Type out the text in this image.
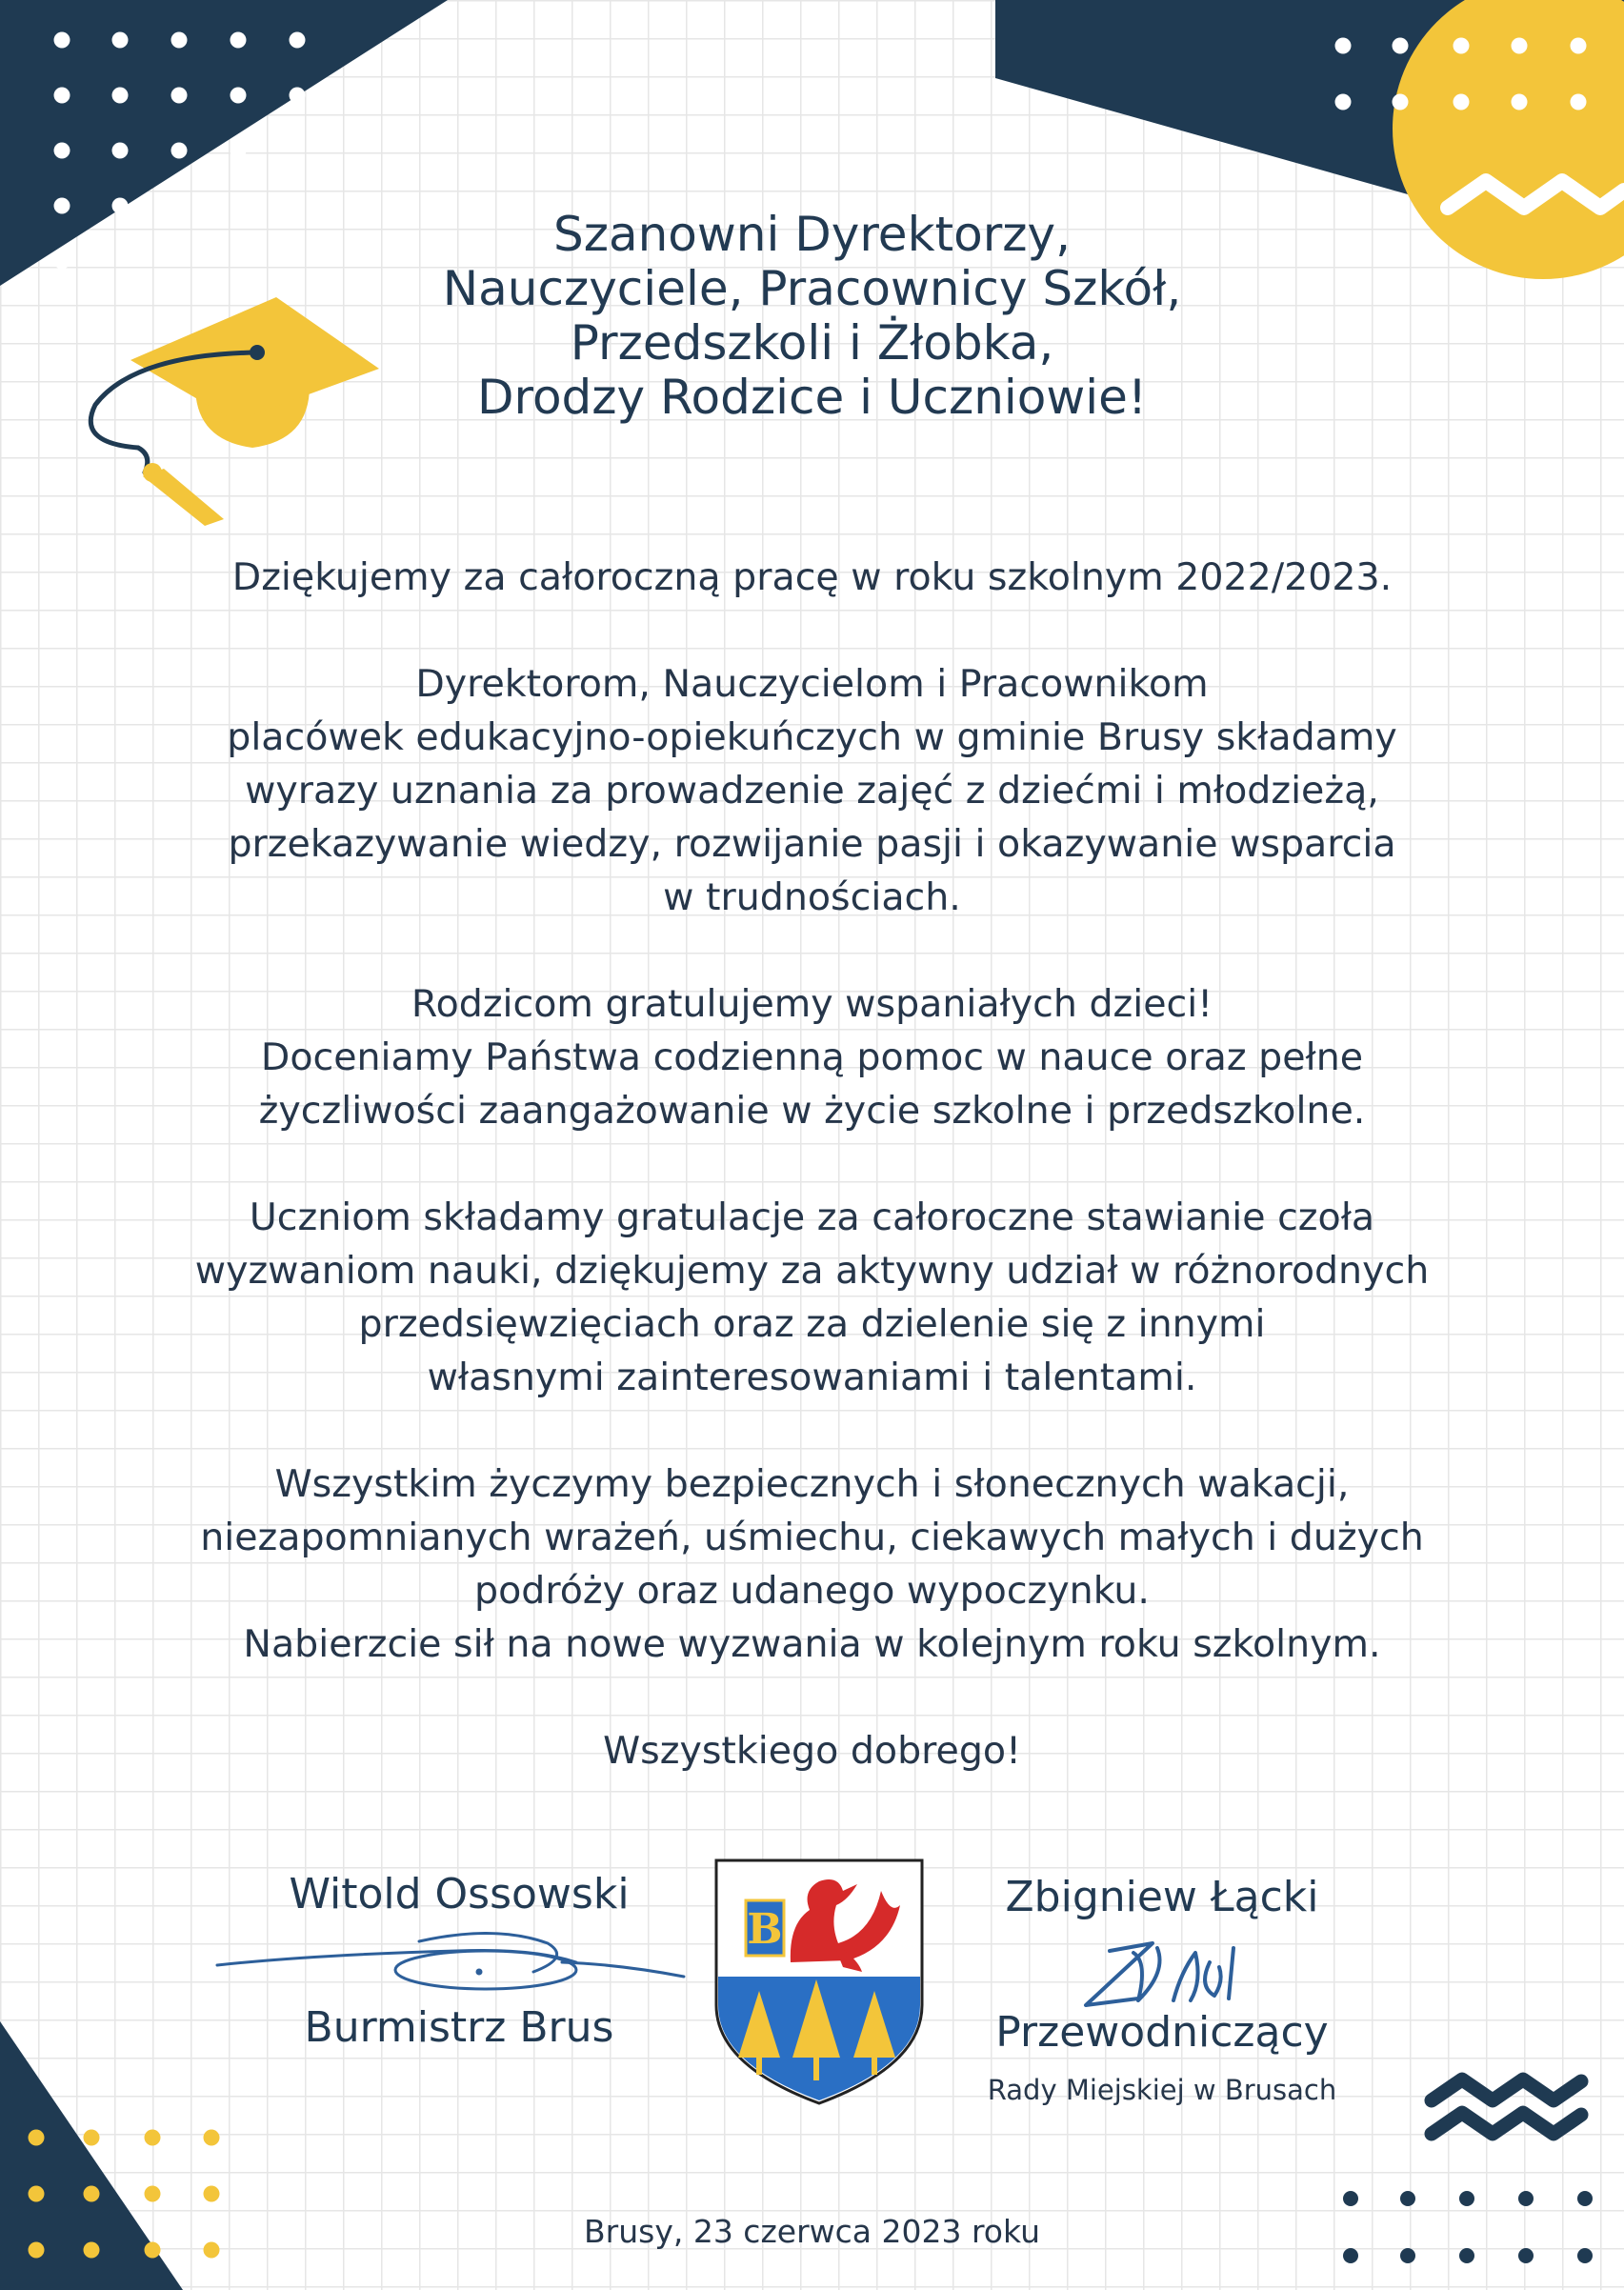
B
Szanowni Dyrektorzy,
Nauczyciele, Pracownicy Szkół,
Przedszkoli i Żłobka,
Drodzy Rodzice i Uczniowie!
Dziękujemy za całoroczną pracę w roku szkolnym 2022/2023.
Dyrektorom, Nauczycielom i Pracownikom
placówek edukacyjno-opiekuńczych w gminie Brusy składamy
wyrazy uznania za prowadzenie zajęć z dziećmi i młodzieżą,
przekazywanie wiedzy, rozwijanie pasji i okazywanie wsparcia
w trudnościach.
Rodzicom gratulujemy wspaniałych dzieci!
Doceniamy Państwa codzienną pomoc w nauce oraz pełne
życzliwości zaangażowanie w życie szkolne i przedszkolne.
Uczniom składamy gratulacje za całoroczne stawianie czoła
wyzwaniom nauki, dziękujemy za aktywny udział w różnorodnych
przedsięwzięciach oraz za dzielenie się z innymi
własnymi zainteresowaniami i talentami.
Wszystkim życzymy bezpiecznych i słonecznych wakacji,
niezapomnianych wrażeń, uśmiechu, ciekawych małych i dużych
podróży oraz udanego wypoczynku.
Nabierzcie sił na nowe wyzwania w kolejnym roku szkolnym.
Wszystkiego dobrego!
Witold Ossowski
Burmistrz Brus
Zbigniew Łącki
Przewodniczący
Rady Miejskiej w Brusach
Brusy, 23 czerwca 2023 roku
